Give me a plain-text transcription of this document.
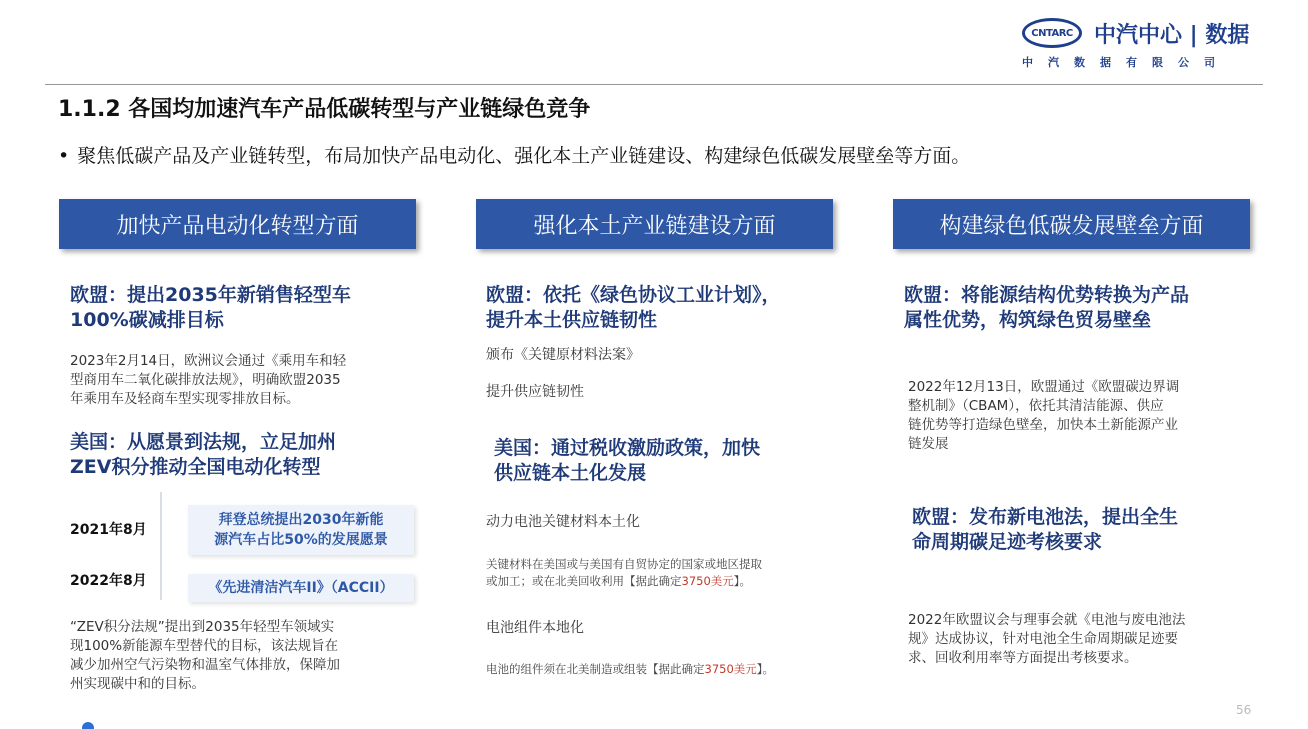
CNTARC 中汽中心 | 数据
中汽数据有限公司
1.1.2 各国均加速汽车产品低碳转型与产业链绿色竞争
• 聚焦低碳产品及产业链转型，布局加快产品电动化、强化本土产业链建设、构建绿色低碳发展壁垒等方面。
加快产品电动化转型方面	强化本土产业链建设方面	构建绿色低碳发展壁垒方面
欧盟：提出2035年新销售轻型车
100%碳减排目标
2023年2月14日，欧洲议会通过《乘用车和轻
型商用车二氧化碳排放法规》，明确欧盟2035
年乘用车及轻商车型实现零排放目标。
美国：从愿景到法规，立足加州
ZEV积分推动全国电动化转型
2021年8月
拜登总统提出2030年新能
源汽车占比50%的发展愿景
2022年8月	《先进清洁汽车II》（ACCII）
“ZEV积分法规”提出到2035年轻型车领域实
现100%新能源车型替代的目标，该法规旨在
减少加州空气污染物和温室气体排放，保障加
州实现碳中和的目标。
欧盟：依托《绿色协议工业计划》，
提升本土供应链韧性
颁布《关键原材料法案》
提升供应链韧性
美国：通过税收激励政策，加快
供应链本土化发展
动力电池关键材料本土化
关键材料在美国或与美国有自贸协定的国家或地区提取
或加工；或在北美回收利用【据此确定3750美元】。
电池组件本地化
电池的组件须在北美制造或组装【据此确定3750美元】。
欧盟：将能源结构优势转换为产品
属性优势，构筑绿色贸易壁垒
2022年12月13日，欧盟通过《欧盟碳边界调
整机制》（CBAM），依托其清洁能源、供应
链优势等打造绿色壁垒，加快本土新能源产业
链发展
欧盟：发布新电池法，提出全生
命周期碳足迹考核要求
2022年欧盟议会与理事会就《电池与废电池法
规》达成协议，针对电池全生命周期碳足迹要
求、回收利用率等方面提出考核要求。
56
